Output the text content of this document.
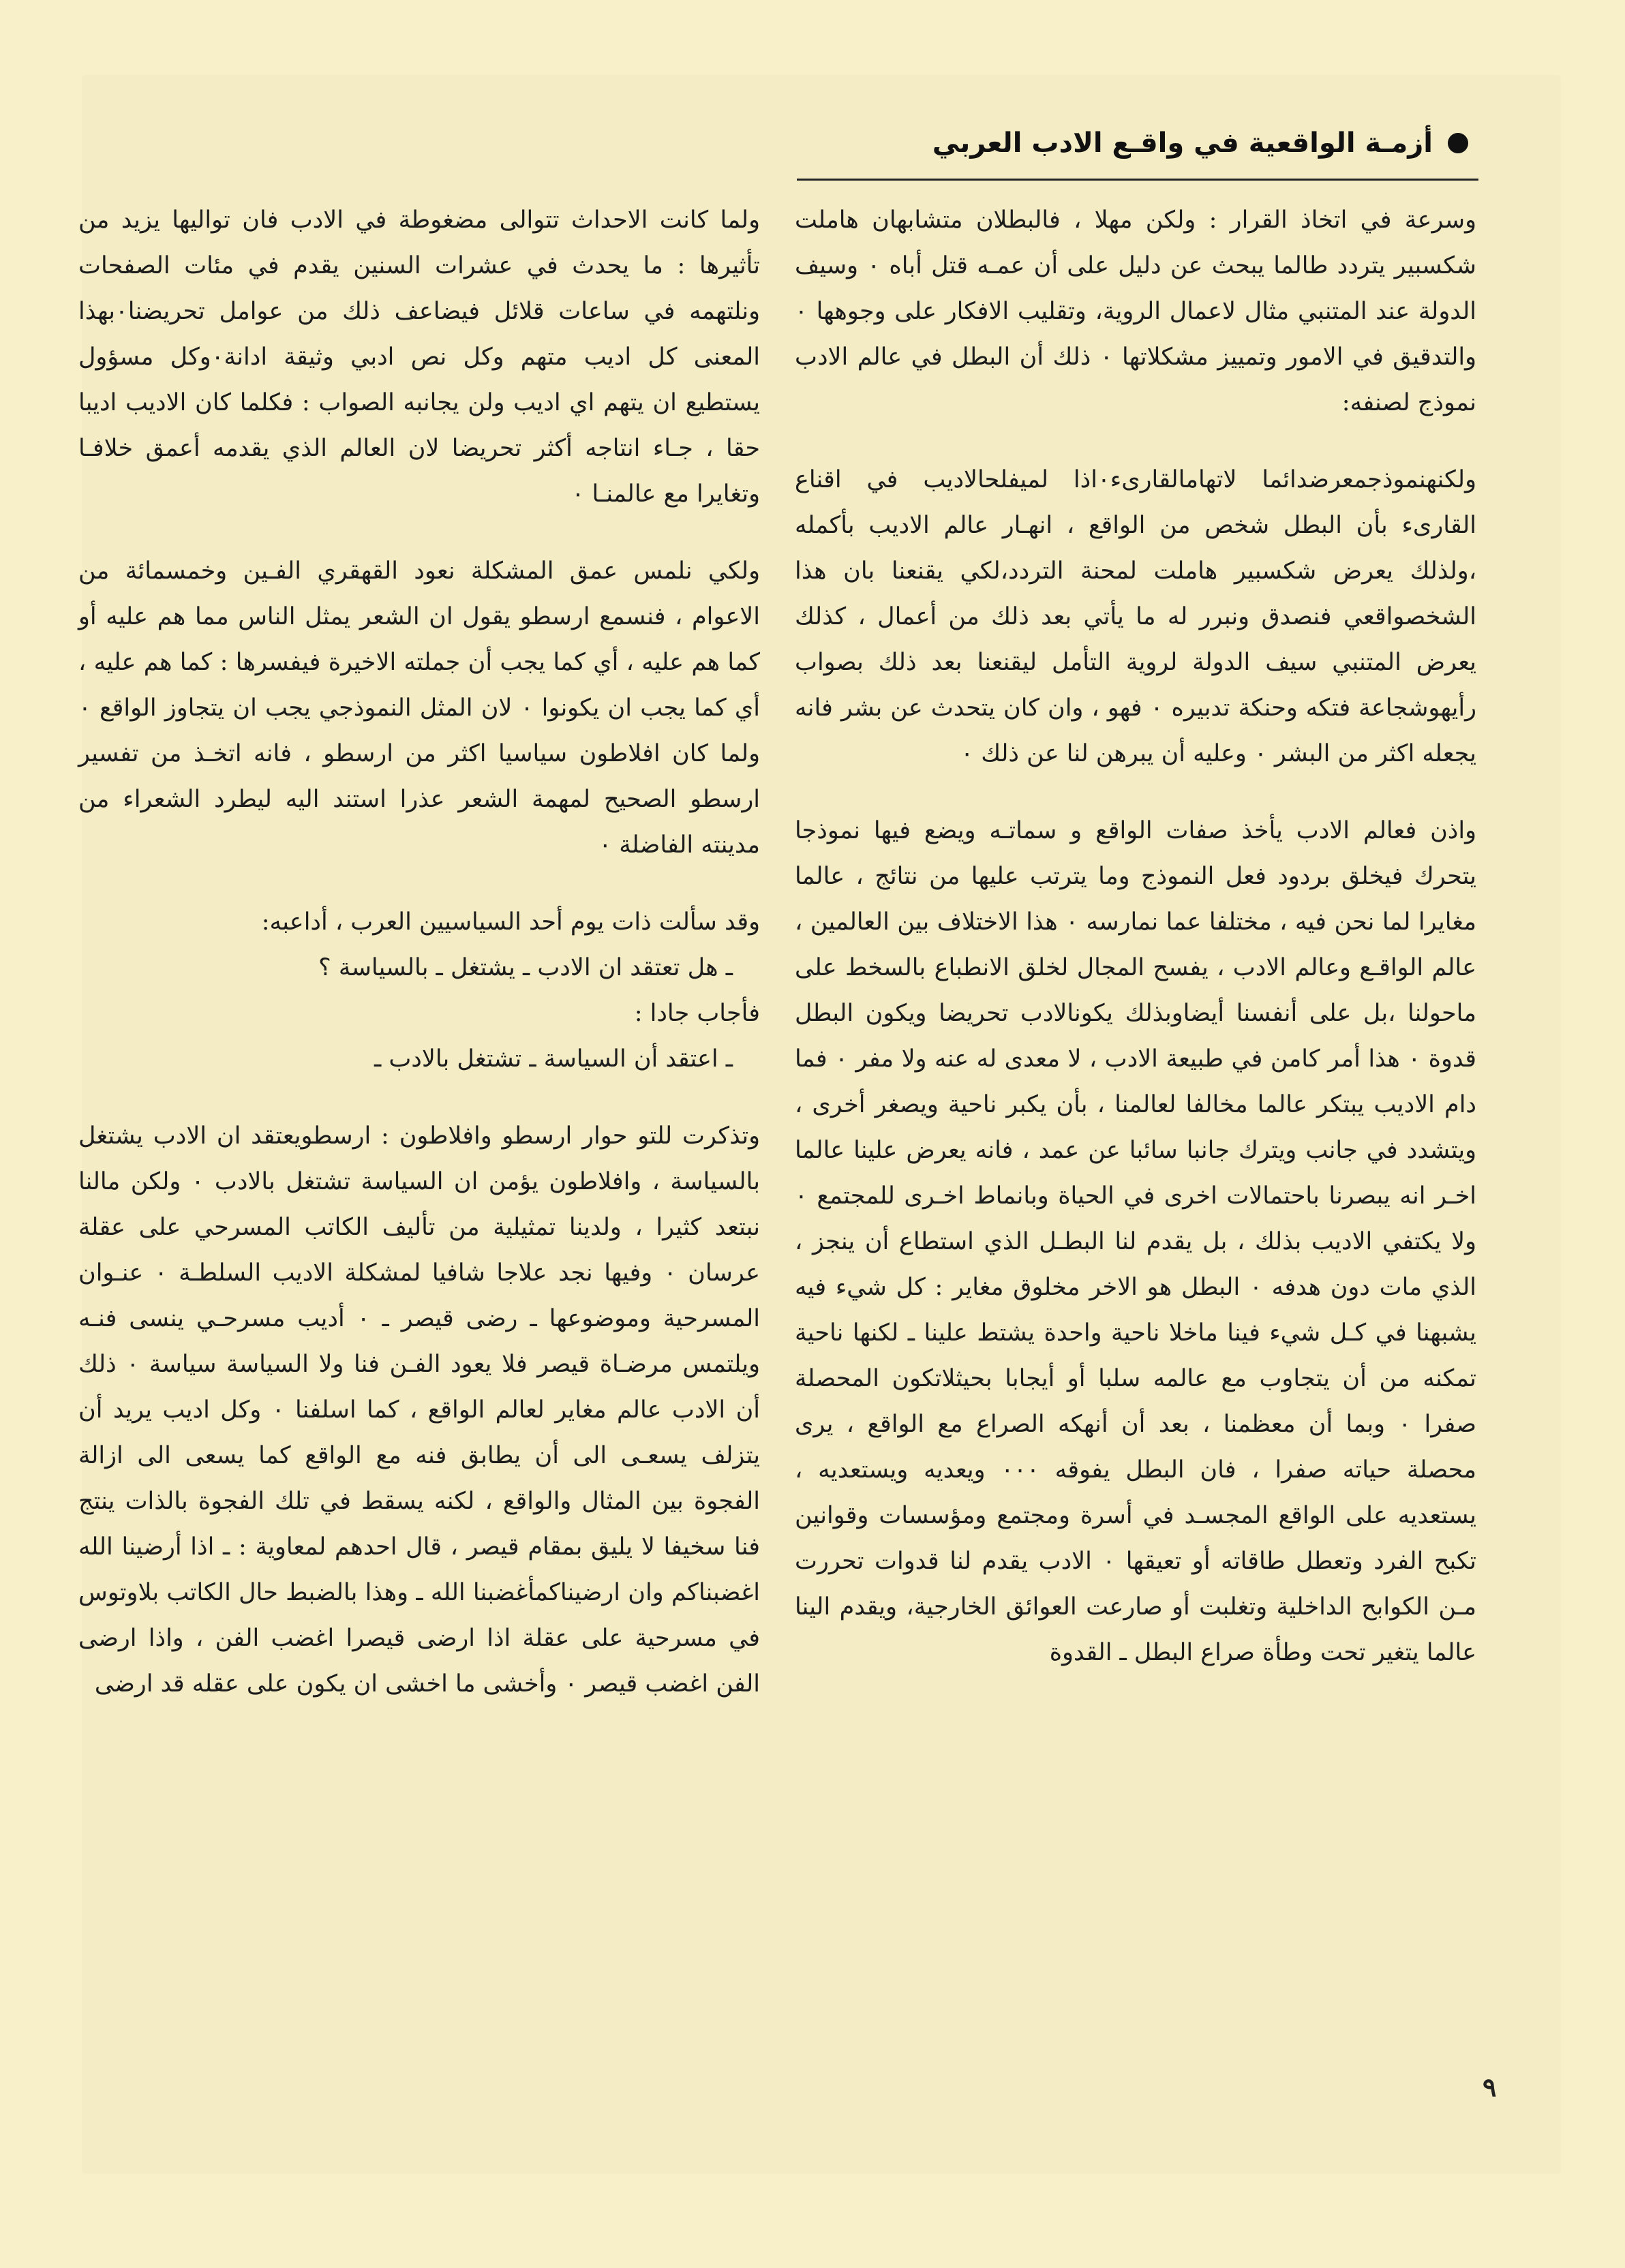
أزمـة الواقعية في واقـع الادب العربي

وسرعة في اتخاذ القرار : ولكن مهلا ، فالبطلان متشابهان هاملت شكسبير يتردد طالما يبحث عن دليل على أن عمـه قتل أباه ٠ وسيف الدولة عند المتنبي مثال لاعمال الروية، وتقليب الافكار على وجوهها ٠ والتدقيق في الامور وتمييز مشكلاتها ٠ ذلك أن البطل في عالم الادب نموذج لصنفه:

ولكنهنموذجمعرضدائما لاتهامالقارىء٠اذا لميفلحالاديب في اقناع القارىء بأن البطل شخص من الواقع ، انهـار عالم الاديب بأكمله ،ولذلك يعرض شكسبير هاملت لمحنة التردد،لكي يقنعنا بان هذا الشخصواقعي فنصدق ونبرر له ما يأتي بعد ذلك من أعمال ، كذلك يعرض المتنبي سيف الدولة لروية التأمل ليقنعنا بعد ذلك بصواب رأيهوشجاعة فتكه وحنكة تدبيره ٠ فهو ، وان كان يتحدث عن بشر فانه يجعله اكثر من البشر ٠ وعليه أن يبرهن لنا عن ذلك ٠

واذن فعالم الادب يأخذ صفات الواقع و سماتـه ويضع فيها نموذجا يتحرك فيخلق بردود فعل النموذج وما يترتب عليها من نتائج ، عالما مغايرا لما نحن فيه ، مختلفا عما نمارسه ٠ هذا الاختلاف بين العالمين ، عالم الواقـع وعالم الادب ، يفسح المجال لخلق الانطباع بالسخط على ماحولنا ،بل على أنفسنا أيضاوبذلك يكونالادب تحريضا ويكون البطل قدوة ٠ هذا أمر كامن في طبيعة الادب ، لا معدى له عنه ولا مفر ٠ فما دام الاديب يبتكر عالما مخالفا لعالمنا ، بأن يكبر ناحية ويصغر أخرى ، ويتشدد في جانب ويترك جانبا سائبا عن عمد ، فانه يعرض علينا عالما اخـر انه يبصرنا باحتمالات اخرى في الحياة وبانماط اخـرى للمجتمع ٠ ولا يكتفي الاديب بذلك ، بل يقدم لنا البطـل الذي استطاع أن ينجز ، الذي مات دون هدفه ٠ البطل هو الاخر مخلوق مغاير : كل شيء فيه يشبهنا في كـل شيء فينا ماخلا ناحية واحدة يشتط علينا ـ لكنها ناحية تمكنه من أن يتجاوب مع عالمه سلبا أو أيجابا بحيثلاتكون المحصلة صفرا ٠ وبما أن معظمنا ، بعد أن أنهكه الصراع مع الواقع ، يرى محصلة حياته صفرا ، فان البطل يفوقه ٠٠٠ ويعديه ويستعديه ، يستعديه على الواقع المجسـد في أسرة ومجتمع ومؤسسات وقوانين تكبح الفرد وتعطل طاقاته أو تعيقها ٠ الادب يقدم لنا قدوات تحررت مـن الكوابح الداخلية وتغلبت أو صارعت العوائق الخارجية، ويقدم الينا عالما يتغير تحت وطأة صراع البطل ـ القدوة

ولما كانت الاحداث تتوالى مضغوطة في الادب فان تواليها يزيد من تأثيرها : ما يحدث في عشرات السنين يقدم في مئات الصفحات ونلتهمه في ساعات قلائل فيضاعف ذلك من عوامل تحريضنا٠بهذا المعنى كل اديب متهم وكل نص ادبي وثيقة ادانة٠وكل مسؤول يستطيع ان يتهم اي اديب ولن يجانبه الصواب : فكلما كان الاديب اديبا حقا ، جـاء انتاجه أكثر تحريضا لان العالم الذي يقدمه أعمق خلافـا وتغايرا مع عالمنـا ٠

ولكي نلمس عمق المشكلة نعود القهقري الفـين وخمسمائة من الاعوام ، فنسمع ارسطو يقول ان الشعر يمثل الناس مما هم عليه أو كما هم عليه ، أي كما يجب أن جملته الاخيرة فيفسرها : كما هم عليه ، أي كما يجب ان يكونوا ٠ لان المثل النموذجي يجب ان يتجاوز الواقع ٠ ولما كان افلاطون سياسيا اكثر من ارسطو ، فانه اتخـذ من تفسير ارسطو الصحيح لمهمة الشعر عذرا استند اليه ليطرد الشعراء من مدينته الفاضلة ٠

وقد سألت ذات يوم أحد السياسيين العرب ، أداعبه:

ـ هل تعتقد ان الادب ـ يشتغل ـ بالسياسة ؟

فأجاب جادا :

ـ اعتقد أن السياسة ـ تشتغل بالادب ـ

وتذكرت للتو حوار ارسطو وافلاطون : ارسطويعتقد ان الادب يشتغل بالسياسة ، وافلاطون يؤمن ان السياسة تشتغل بالادب ٠ ولكن مالنا نبتعد كثيرا ، ولدينا تمثيلية من تأليف الكاتب المسرحي على عقلة عرسان ٠ وفيها نجد علاجا شافيا لمشكلة الاديب السلطـة ٠ عنـوان المسرحية وموضوعها ـ رضى قيصر ـ ٠ أديب مسرحـي ينسى فنـه ويلتمس مرضـاة قيصر فلا يعود الفـن فنا ولا السياسة سياسة ٠ ذلك أن الادب عالم مغاير لعالم الواقع ، كما اسلفنا ٠ وكل اديب يريد أن يتزلف يسعـى الى أن يطابق فنه مع الواقع كما يسعى الى ازالة الفجوة بين المثال والواقع ، لكنه يسقط في تلك الفجوة بالذات ينتج فنا سخيفا لا يليق بمقام قيصر ، قال احدهم لمعاوية : ـ اذا أرضينا الله اغضبناكم وان ارضيناكمأغضبنا الله ـ وهذا بالضبط حال الكاتب بلاوتوس في مسرحية على عقلة اذا ارضى قيصرا اغضب الفن ، واذا ارضى الفن اغضب قيصر ٠ وأخشى ما اخشى ان يكون على عقله قد ارضى

٩
